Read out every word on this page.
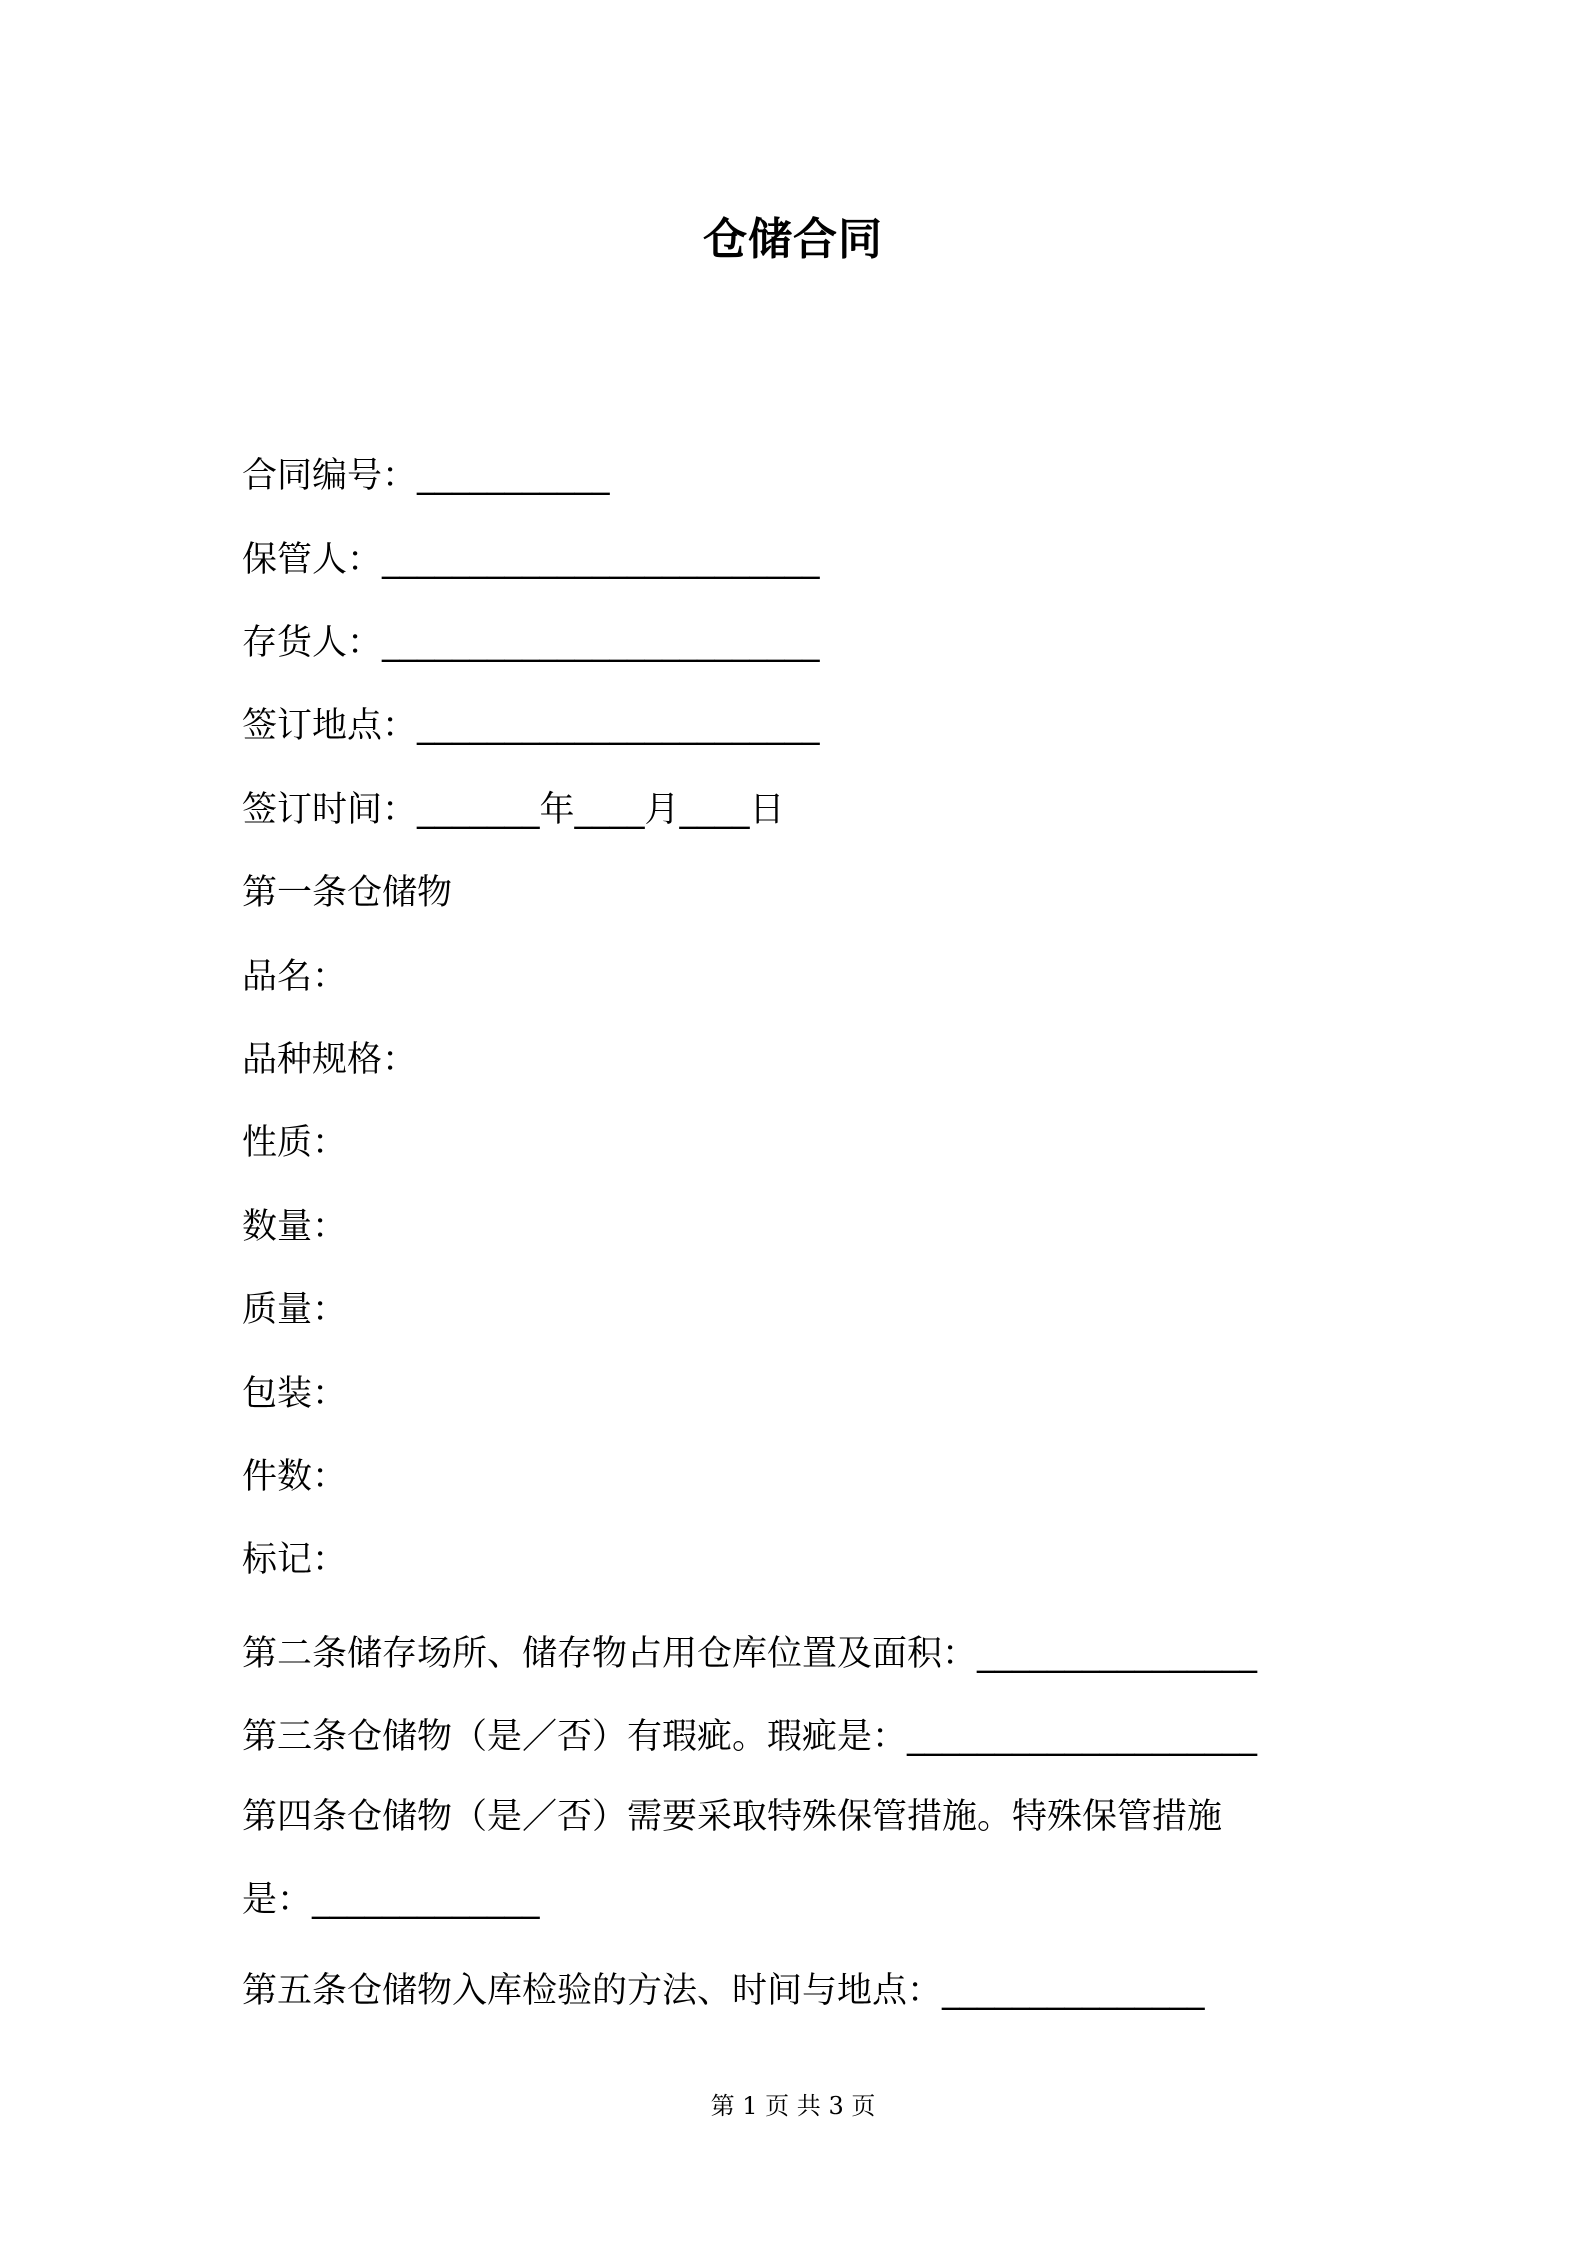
仓储合同
合同编号：___________
保管人：_________________________
存货人：_________________________
签订地点：_______________________
签订时间：_______年____月____日
第一条仓储物
品名：
品种规格：
性质：
数量：
质量：
包装：
件数：
标记：
第二条储存场所、储存物占用仓库位置及面积：________________
第三条仓储物（是／否）有瑕疵。瑕疵是：____________________
第四条仓储物（是／否）需要采取特殊保管措施。特殊保管措施
是：_____________
第五条仓储物入库检验的方法、时间与地点：_______________
第 1 页 共 3 页
